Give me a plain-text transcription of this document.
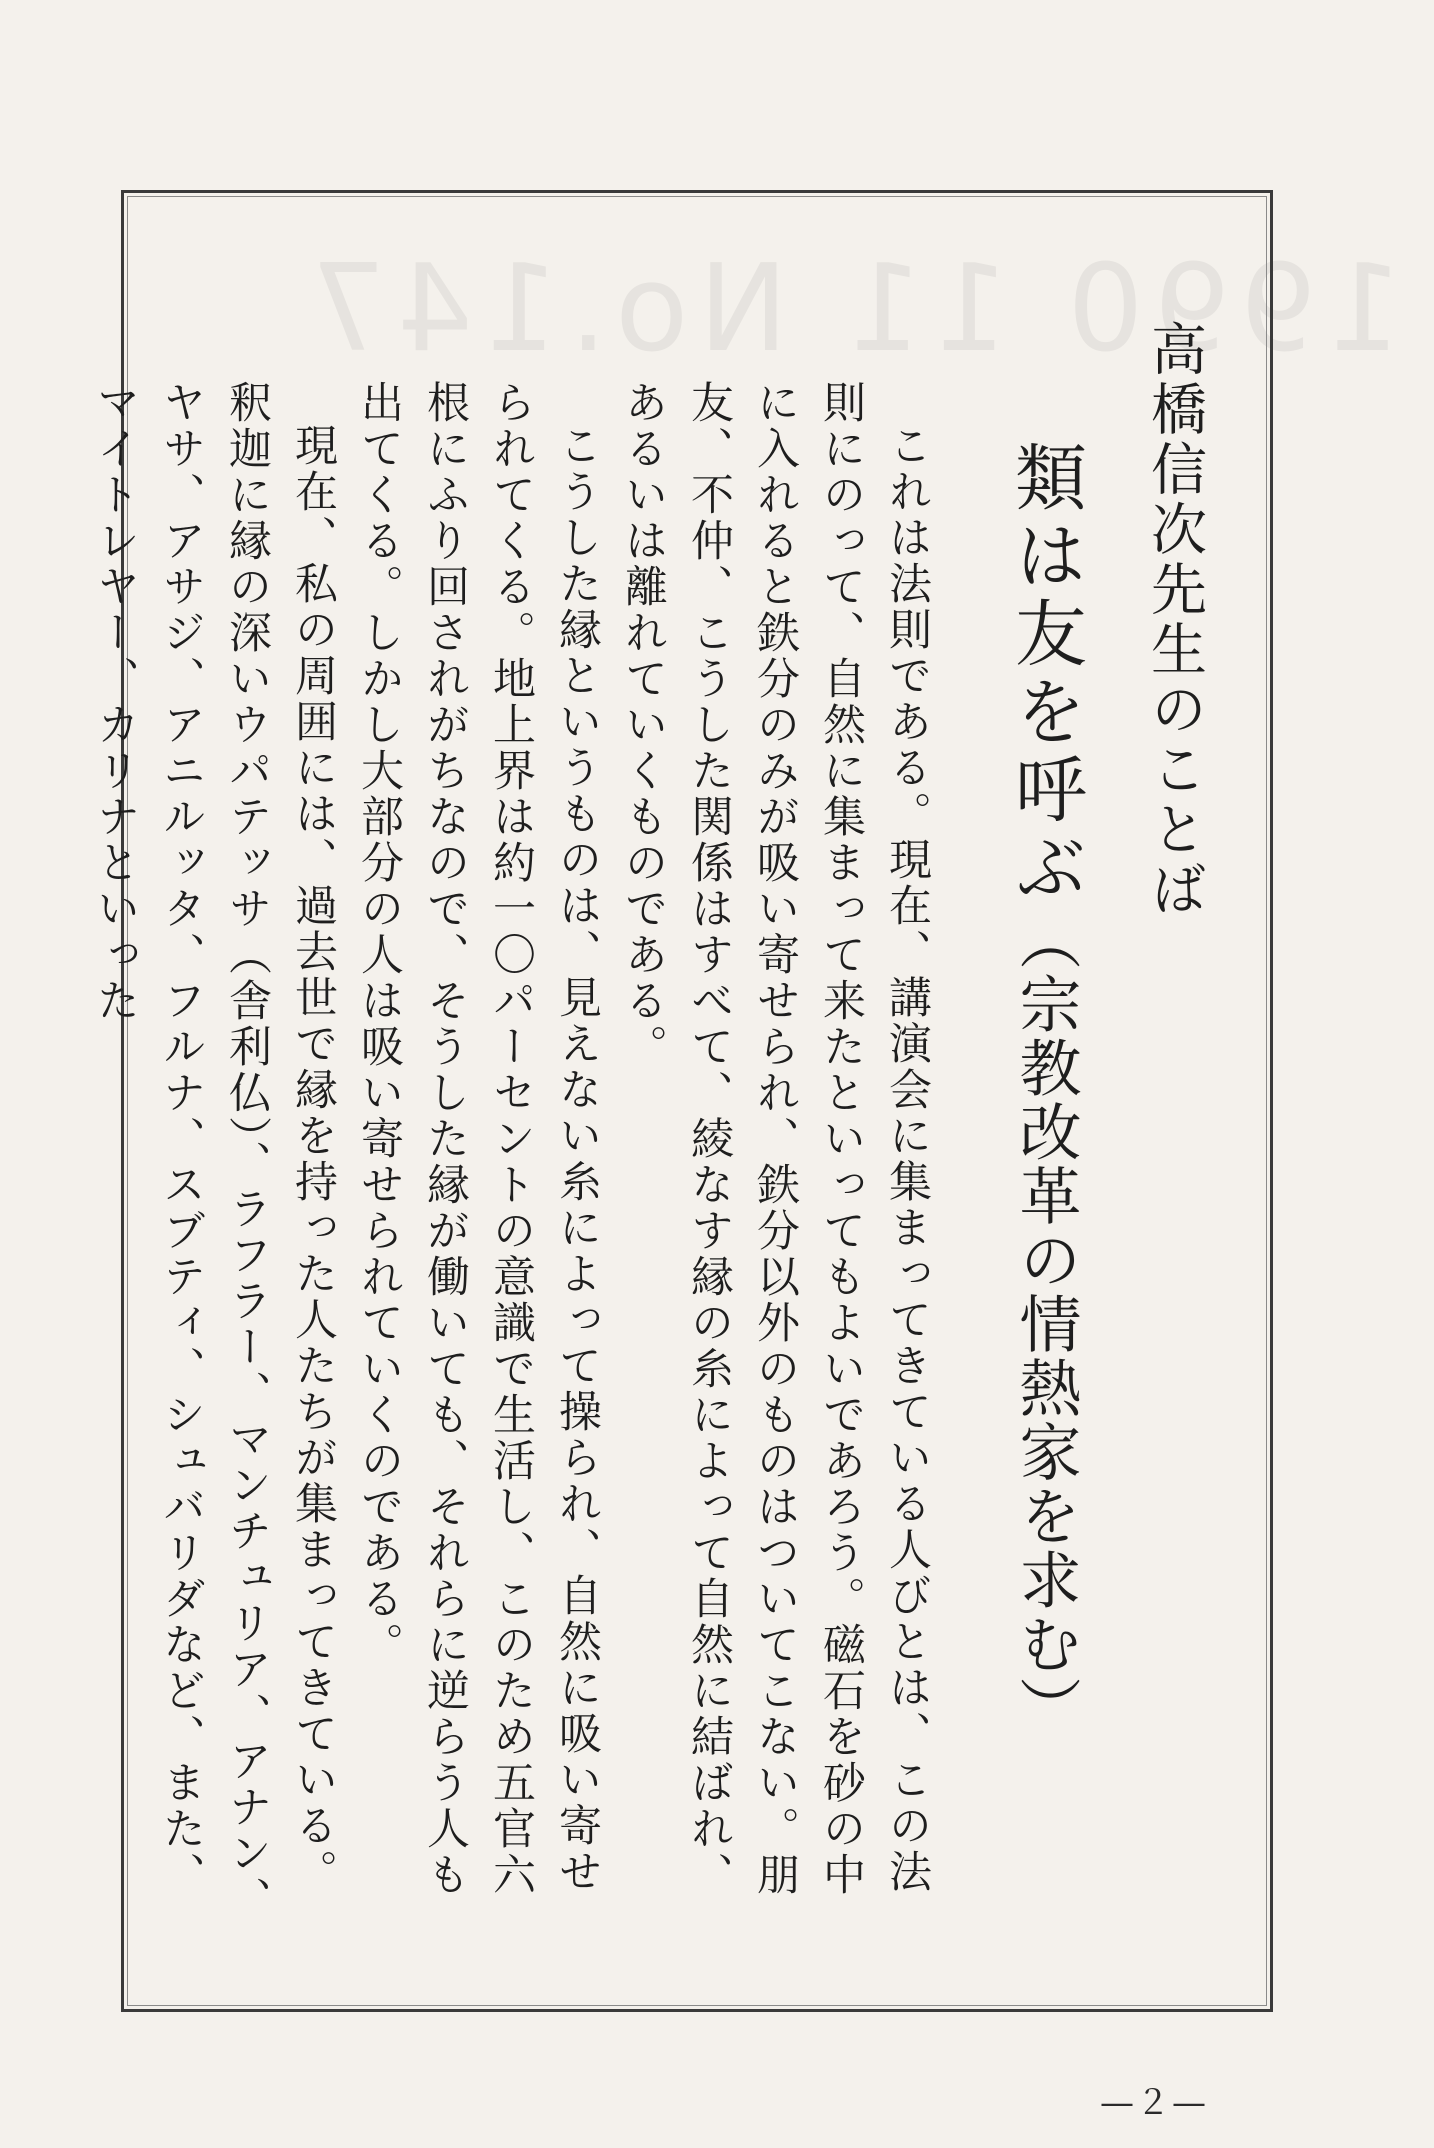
1990 11 No.147
高橋信次先生のことば
類は友を呼ぶ（宗教改革の情熱家を求む）

これは法則である。現在、講演会に集まってきている人びとは、この法則にのって、自然に集まって来たといってもよいであろう。磁石を砂の中に入れると鉄分のみが吸い寄せられ、鉄分以外のものはついてこない。朋友、不仲、こうした関係はすべて、綾なす縁の糸によって自然に結ばれ、あるいは離れていくものである。

こうした縁というものは、見えない糸によって操られ、自然に吸い寄せられてくる。地上界は約一〇パーセントの意識で生活し、このため五官六根にふり回されがちなので、そうした縁が働いても、それらに逆らう人も出てくる。しかし大部分の人は吸い寄せられていくのである。

現在、私の周囲には、過去世で縁を持った人たちが集まってきている。釈迦に縁の深いウパテッサ（舎利仏）、ラフラー、マンチュリア、アナン、ヤサ、アサジ、アニルッタ、フルナ、スブティ、シュバリダなど、また、マイトレヤー、カリナといった

—２—
